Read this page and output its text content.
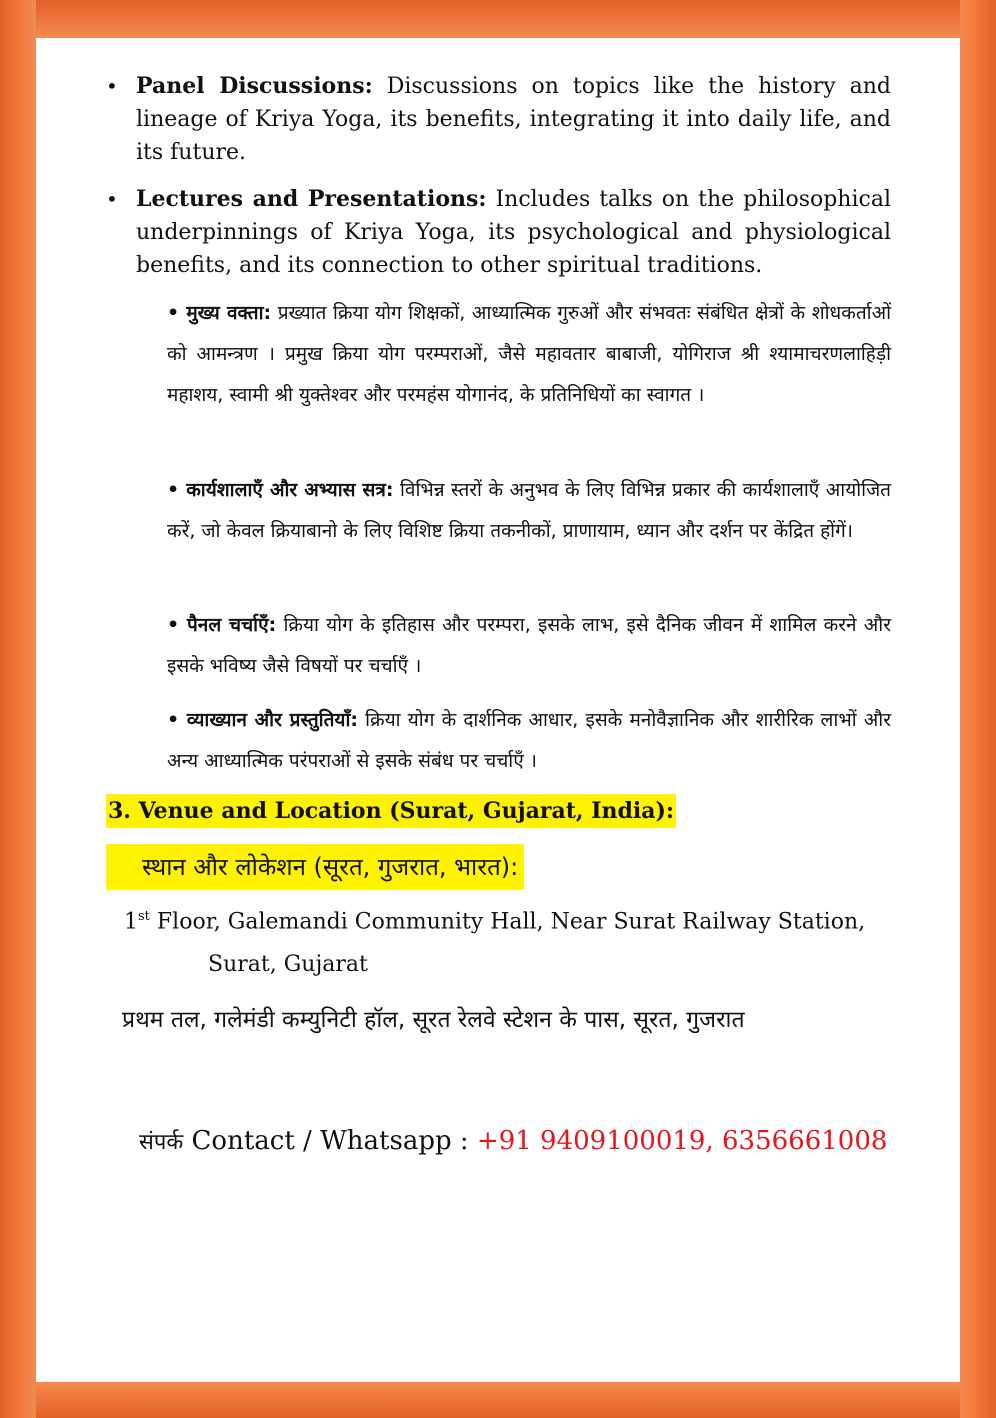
• Panel Discussions: Discussions on topics like the history and lineage of Kriya Yoga, its benefits, integrating it into daily life, and its future.
• Lectures and Presentations: Includes talks on the philosophical underpinnings of Kriya Yoga, its psychological and physiological benefits, and its connection to other spiritual traditions.
• मुख्य वक्ता: प्रख्यात क्रिया योग शिक्षकों, आध्यात्मिक गुरुओं और संभवतः संबंधित क्षेत्रों के शोधकर्ताओं को आमन्त्रण । प्रमुख क्रिया योग परम्पराओं, जैसे महावतार बाबाजी, योगिराज श्री श्यामाचरणलाहिड़ी महाशय, स्वामी श्री युक्तेश्वर और परमहंस योगानंद, के प्रतिनिधियों का स्वागत ।
• कार्यशालाएँ और अभ्यास सत्र: विभिन्न स्तरों के अनुभव के लिए विभिन्न प्रकार की कार्यशालाएँ आयोजित करें, जो केवल क्रियाबानो के लिए विशिष्ट क्रिया तकनीकों, प्राणायाम, ध्यान और दर्शन पर केंद्रित होंगें।
• पैनल चर्चाएँ: क्रिया योग के इतिहास और परम्परा, इसके लाभ, इसे दैनिक जीवन में शामिल करने और इसके भविष्य जैसे विषयों पर चर्चाएँ ।
• व्याख्यान और प्रस्तुतियाँ: क्रिया योग के दार्शनिक आधार, इसके मनोवैज्ञानिक और शारीरिक लाभों और अन्य आध्यात्मिक परंपराओं से इसके संबंध पर चर्चाएँ ।
3. Venue and Location (Surat, Gujarat, India):
स्थान और लोकेशन (सूरत, गुजरात, भारत):
1st Floor, Galemandi Community Hall, Near Surat Railway Station,
Surat, Gujarat
प्रथम तल, गलेमंडी कम्युनिटी हॉल, सूरत रेलवे स्टेशन के पास, सूरत, गुजरात
संपर्क Contact / Whatsapp : +91 9409100019, 6356661008
